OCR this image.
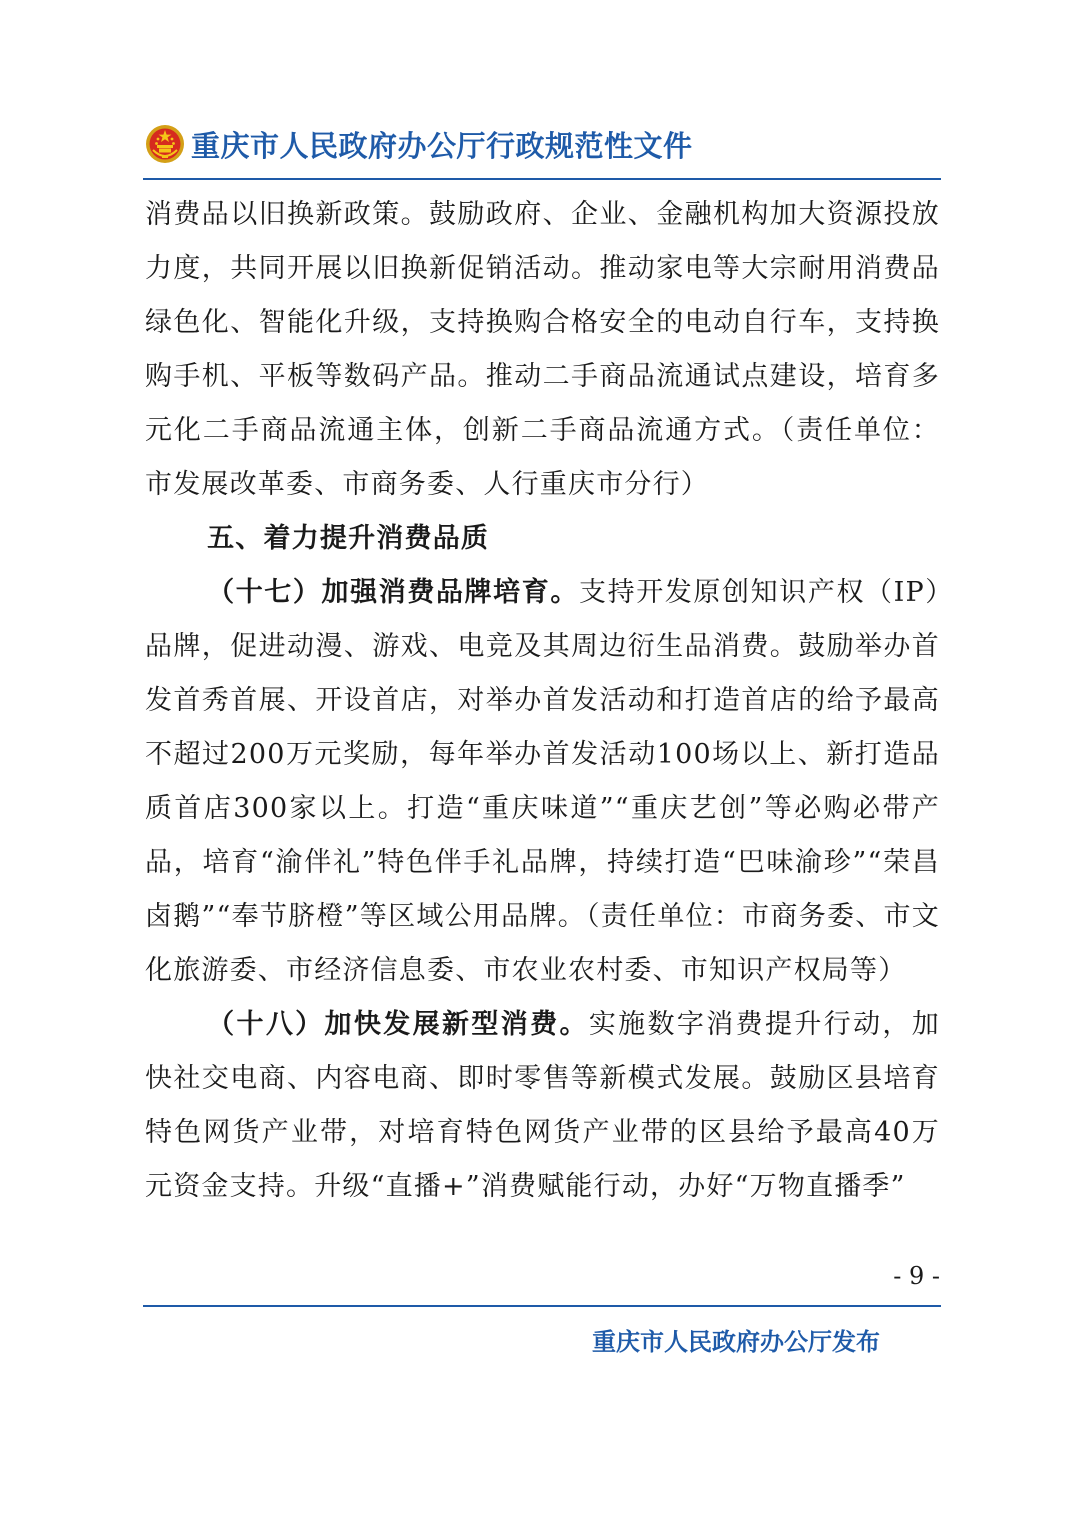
重庆市人民政府办公厅行政规范性文件

消费品以旧换新政策。鼓励政府、企业、金融机构加大资源投放力度，共同开展以旧换新促销活动。推动家电等大宗耐用消费品绿色化、智能化升级，支持换购合格安全的电动自行车，支持换购手机、平板等数码产品。推动二手商品流通试点建设，培育多元化二手商品流通主体，创新二手商品流通方式。（责任单位：市发展改革委、市商务委、人行重庆市分行）

五、着力提升消费品质

（十七）加强消费品牌培育。支持开发原创知识产权（IP）品牌，促进动漫、游戏、电竞及其周边衍生品消费。鼓励举办首发首秀首展、开设首店，对举办首发活动和打造首店的给予最高不超过200万元奖励，每年举办首发活动100场以上、新打造品质首店300家以上。打造“重庆味道”“重庆艺创”等必购必带产品，培育“渝伴礼”特色伴手礼品牌，持续打造“巴味渝珍”“荣昌卤鹅”“奉节脐橙”等区域公用品牌。（责任单位：市商务委、市文化旅游委、市经济信息委、市农业农村委、市知识产权局等）

（十八）加快发展新型消费。实施数字消费提升行动，加快社交电商、内容电商、即时零售等新模式发展。鼓励区县培育特色网货产业带，对培育特色网货产业带的区县给予最高40万元资金支持。升级“直播+”消费赋能行动，办好“万物直播季”

- 9 -
重庆市人民政府办公厅发布
